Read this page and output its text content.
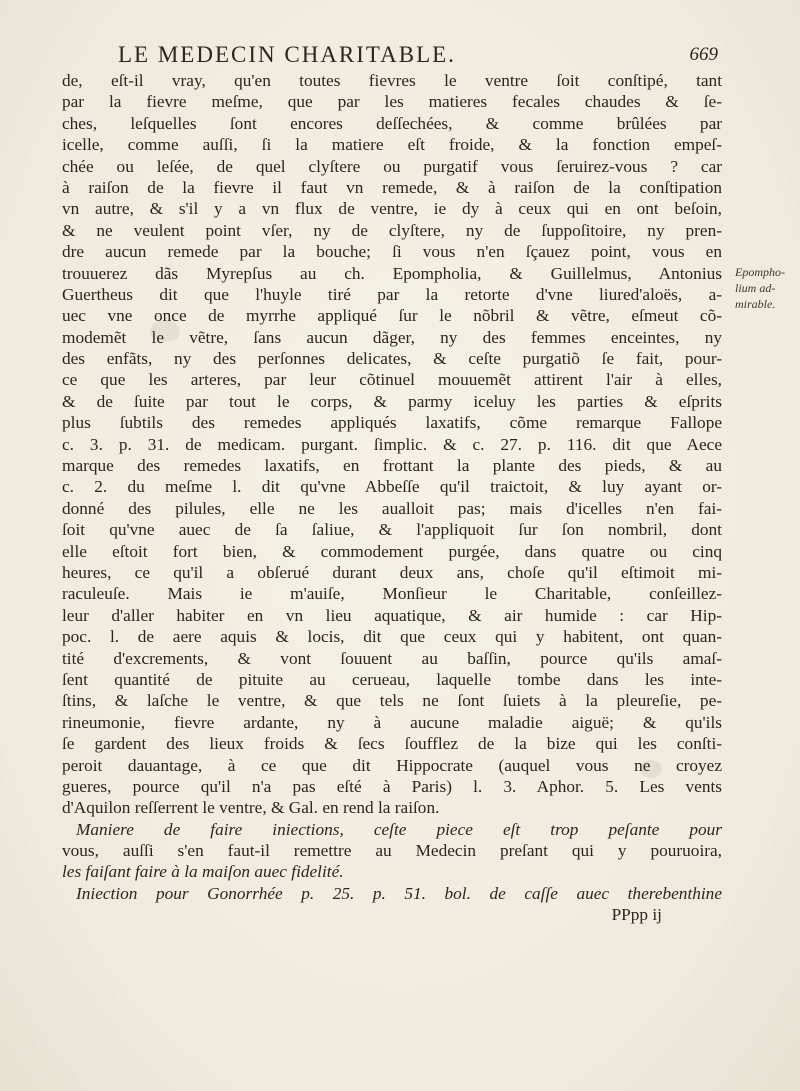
LE MEDECIN CHARITABLE.	669
de, eſt-il vray, qu'en toutes fievres le ventre ſoit conſtipé, tant
par la fievre meſme, que par les matieres fecales chaudes & ſe-
ches, leſquelles ſont encores deſſechées, & comme brûlées par
icelle, comme auſſi, ſi la matiere eſt froide, & la fonction empeſ-
chée ou leſée, de quel clyſtere ou purgatif vous ſeruirez-vous ? car
à raiſon de la fievre il faut vn remede, & à raiſon de la conſtipation
vn autre, & s'il y a vn flux de ventre, ie dy à ceux qui en ont beſoin,
& ne veulent point vſer, ny de clyſtere, ny de ſuppoſitoire, ny pren-
dre aucun remede par la bouche; ſi vous n'en ſçauez point, vous en
trouuerez dãs Myrepſus au ch. Epompholia, & Guillelmus, Antonius
Guertheus dit que l'huyle tiré par la retorte d'vne liured'aloës, a-
uec vne once de myrrhe appliqué ſur le nõbril & vẽtre, eſmeut cõ-
modemẽt le vẽtre, ſans aucun dãger, ny des femmes enceintes, ny
des enfãts, ny des perſonnes delicates, & ceſte purgatiõ ſe fait, pour-
ce que les arteres, par leur cõtinuel mouuemẽt attirent l'air à elles,
& de ſuite par tout le corps, & parmy iceluy les parties & eſprits
plus ſubtils des remedes appliqués laxatifs, cõme remarque Fallope
c. 3. p. 31. de medicam. purgant. ſimplic. & c. 27. p. 116. dit que Aece
marque des remedes laxatifs, en frottant la plante des pieds, & au
c. 2. du meſme l. dit qu'vne Abbeſſe qu'il traictoit, & luy ayant or-
donné des pilules, elle ne les aualloit pas; mais d'icelles n'en fai-
ſoit qu'vne auec de ſa ſaliue, & l'appliquoit ſur ſon nombril, dont
elle eſtoit fort bien, & commodement purgée, dans quatre ou cinq
heures, ce qu'il a obſerué durant deux ans, choſe qu'il eſtimoit mi-
raculeuſe. Mais ie m'auiſe, Monſieur le Charitable, conſeillez-
leur d'aller habiter en vn lieu aquatique, & air humide : car Hip-
poc. l. de aere aquis & locis, dit que ceux qui y habitent, ont quan-
tité d'excrements, & vont ſouuent au baſſin, pource qu'ils amaſ-
ſent quantité de pituite au cerueau, laquelle tombe dans les inte-
ſtins, & laſche le ventre, & que tels ne ſont ſuiets à la pleureſie, pe-
rineumonie, fievre ardante, ny à aucune maladie aiguë; & qu'ils
ſe gardent des lieux froids & ſecs ſoufflez de la bize qui les conſti-
peroit dauantage, à ce que dit Hippocrate (auquel vous ne croyez
gueres, pource qu'il n'a pas eſté à Paris) l. 3. Aphor. 5. Les vents
d'Aquilon reſſerrent le ventre, & Gal. en rend la raiſon.
Maniere de faire iniections, ceſte piece eſt trop peſante pour
vous, auſſi s'en faut-il remettre au Medecin preſant qui y pouruoira,
les faiſant faire à la maiſon auec fidelité.
Iniection pour Gonorrhée p. 25. p. 51. bol. de caſſe auec therebenthine
PPpp ij
Epompho-
lium ad-
mirable.
